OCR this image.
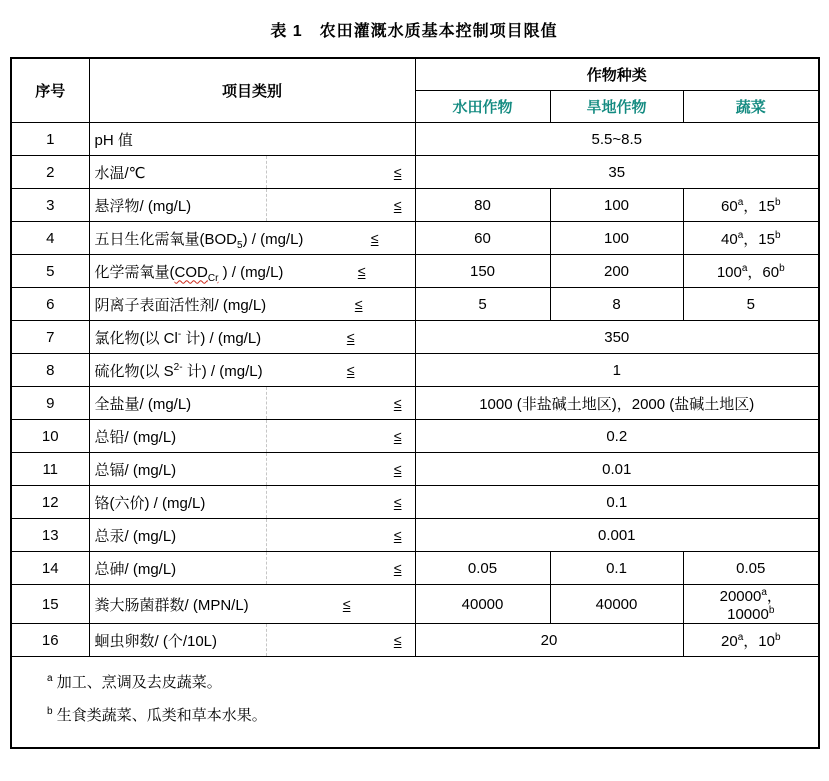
表 1　农田灌溉水质基本控制项目限值
序号	项目类别	作物种类		
		水田作物	旱地作物	蔬菜
1	pH 值	5.5~8.5		
2	水温/℃ ≤	35		
3	悬浮物/ (mg/L) ≤	80	100	60$^a$，15$^b$
4	五日生化需氧量$(BOD_5) / (mg/L)$ ≤	60	100	40$^a$，15$^b$
5	化学需氧量($COD_{Cr}$ ) / (mg/L) ≤	150	200	100$^a$，60$^b$
6	阴离子表面活性剂/ (mg/L) ≤	5	8	5
7	氯化物(以 Cl- 计) / (mg/L) ≤	350		
8	硫化物(以 $S^{2-}$ 计) / (mg/L) ≤	1		
9	全盐量/ (mg/L) ≤	1000 (非盐碱土地区)，2000 (盐碱土地区)		
10	总铅/ (mg/L) ≤	0.2		
11	总镉/ (mg/L) ≤	0.01		
12	铬(六价) / (mg/L) ≤	0.1		
13	总汞/ (mg/L) ≤	0.001		
14	总砷/ (mg/L) ≤	0.05	0.1	0.05
15	粪大肠菌群数/ (MPN/L) ≤	40000	40000	20000$^a$，
10000$^b$
16	蛔虫卵数/ (个/10L) ≤	20		20$^a$，10$^b$

$^a$ 加工、烹调及去皮蔬菜。

$^b$ 生食类蔬菜、瓜类和草本水果。				
